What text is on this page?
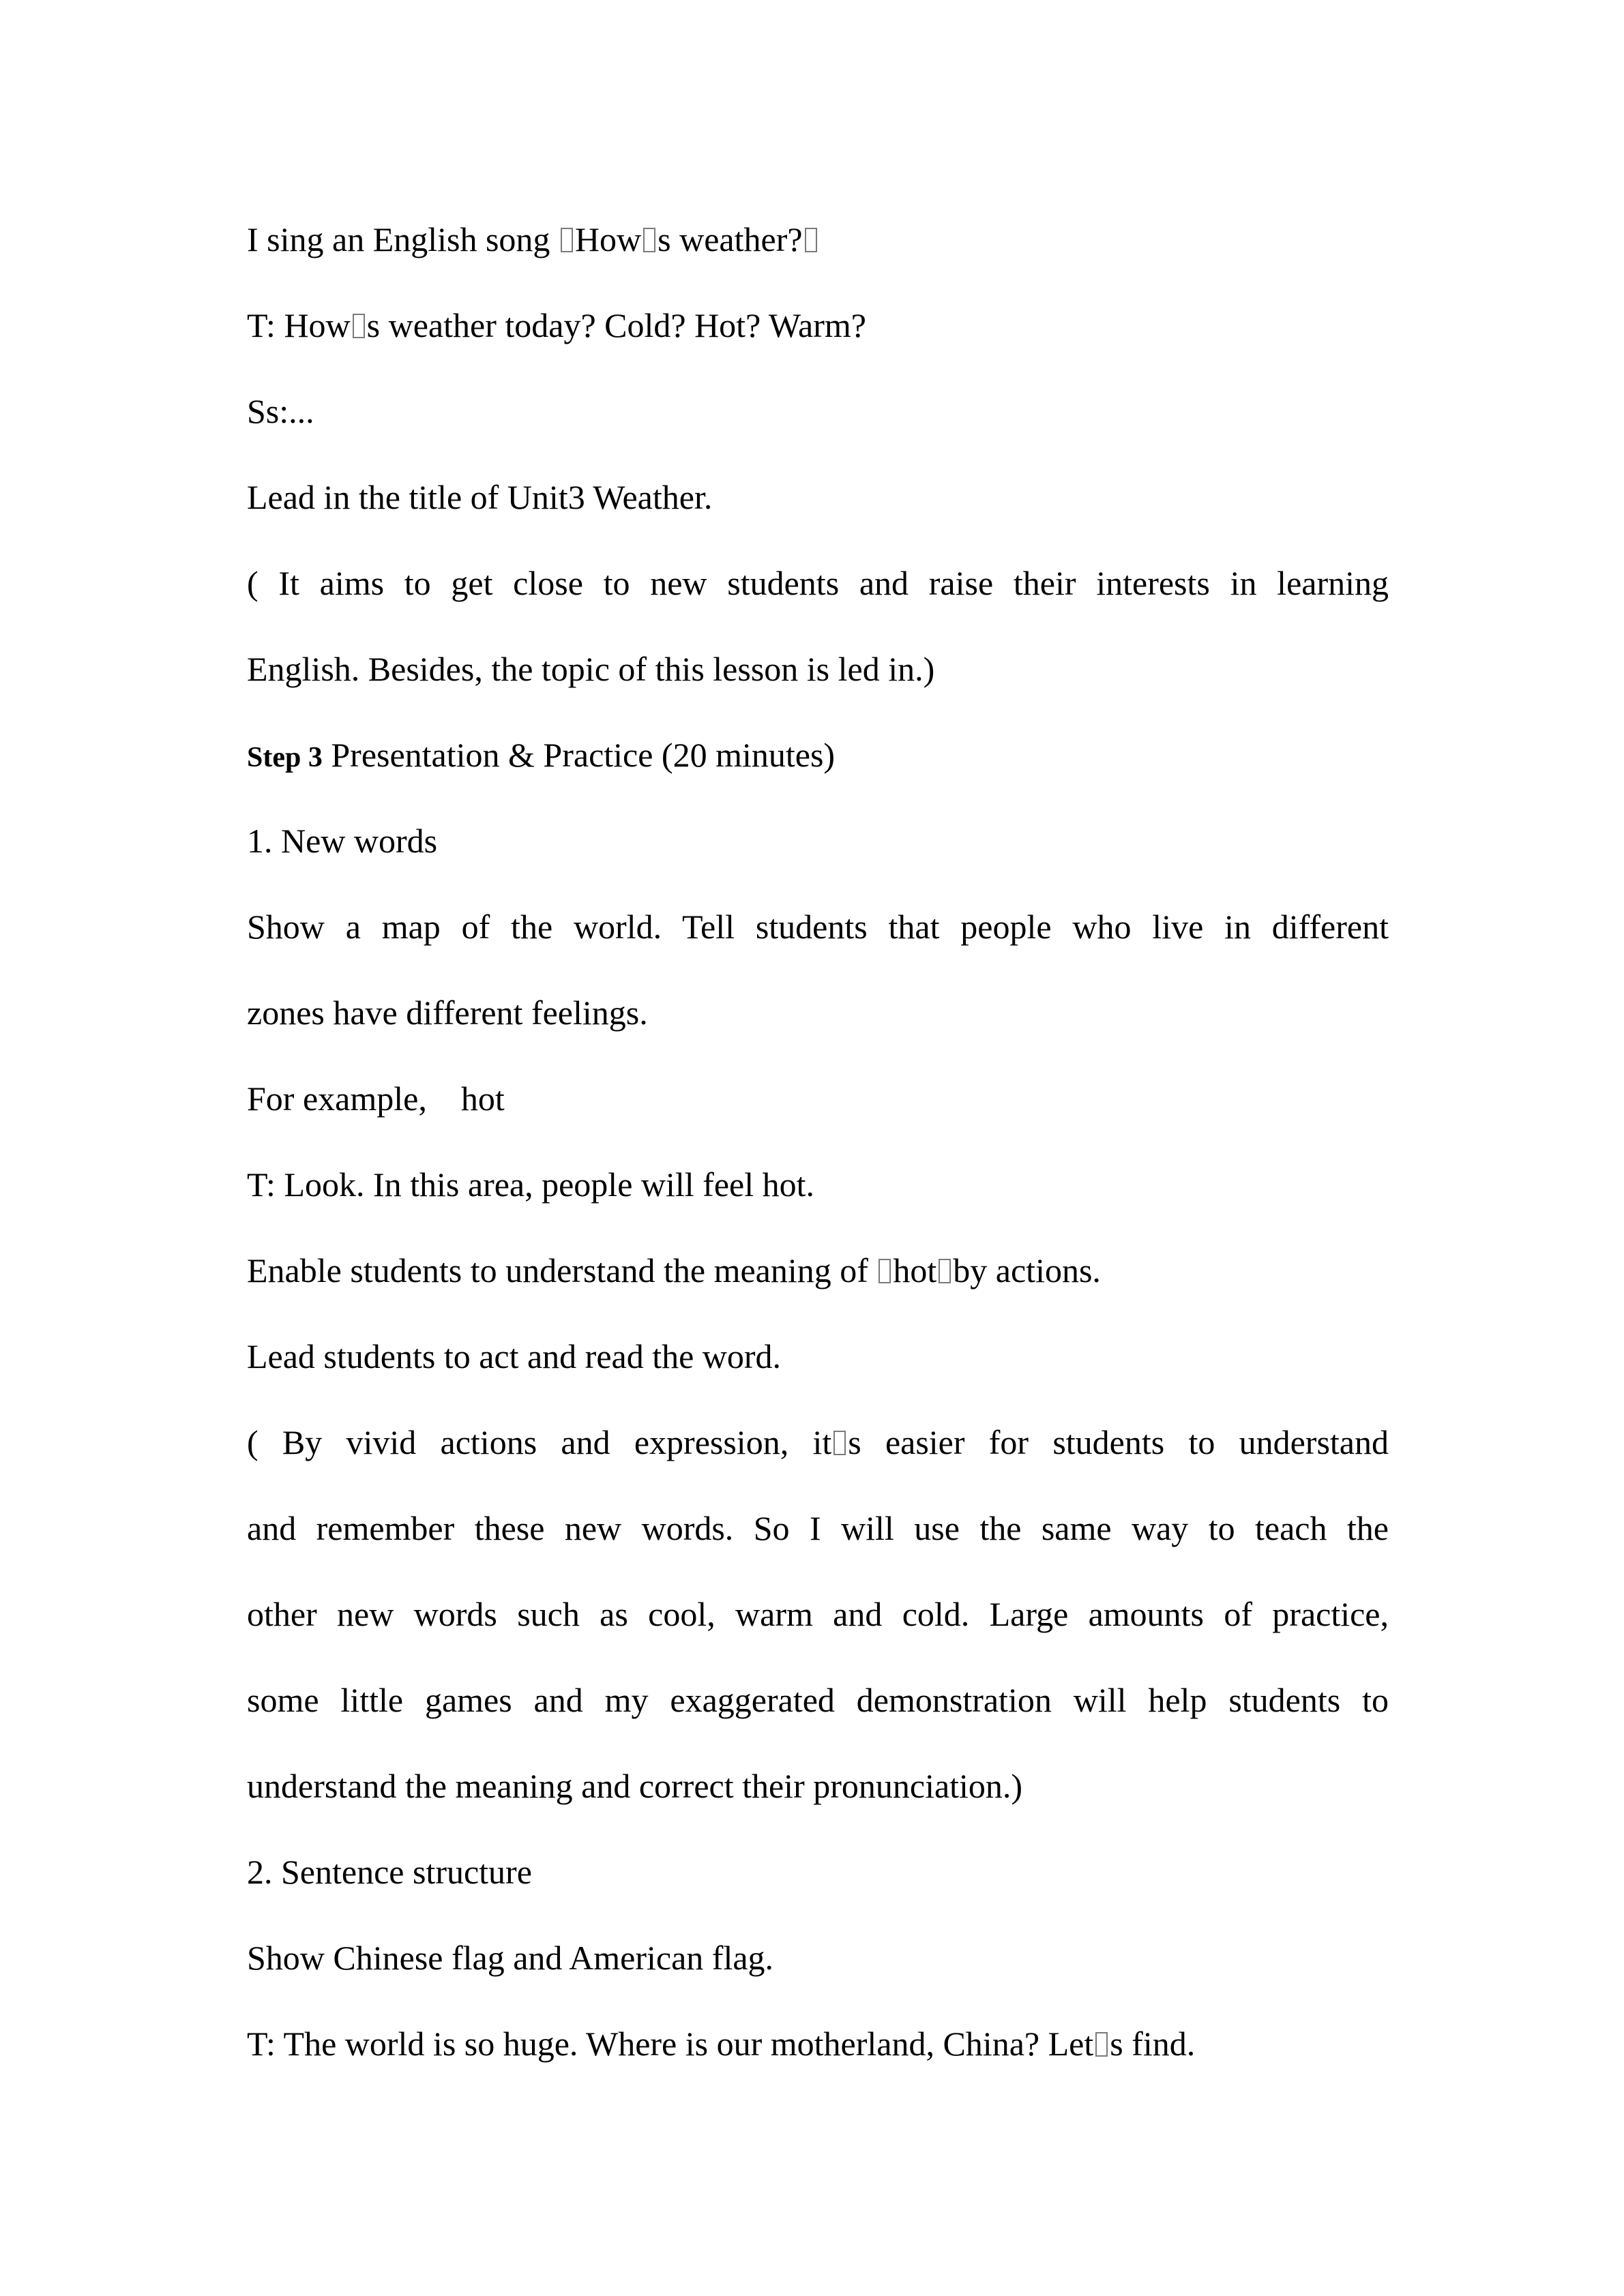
I sing an English song How s weather?

T: How s weather today? Cold? Hot? Warm?

Ss:...

Lead in the title of Unit3 Weather.

( It aims to get close to new students and raise their interests in learning

English. Besides, the topic of this lesson is led in.)

Step 3 Presentation & Practice (20 minutes)

1. New words

Show a map of the world. Tell students that people who live in different

zones have different feelings.

For example,    hot

T: Look. In this area, people will feel hot.

Enable students to understand the meaning of hot by actions.

Lead students to act and read the word.

( By vivid actions and expression, it s easier for students to understand

and remember these new words. So I will use the same way to teach the

other new words such as cool, warm and cold. Large amounts of practice,

some little games and my exaggerated demonstration will help students to

understand the meaning and correct their pronunciation.)

2. Sentence structure

Show Chinese flag and American flag.

T: The world is so huge. Where is our motherland, China? Let s find.
